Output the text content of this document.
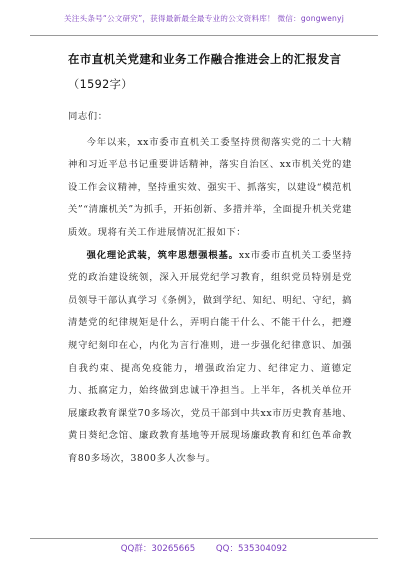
关注头条号“公文研究”，获得最新最全最专业的公文资料库！ 微信：gongwenyj
在市直机关党建和业务工作融合推进会上的汇报发言
（1592字）

同志们：

今年以来，xx市委市直机关工委坚持贯彻落实党的二十大精神和习近平总书记重要讲话精神，落实自治区、xx市机关党的建设工作会议精神，坚持重实效、强实干、抓落实，以建设“模范机关”“清廉机关”为抓手，开拓创新、多措并举，全面提升机关党建质效。现将有关工作进展情况汇报如下：

强化理论武装，筑牢思想强根基。xx市委市直机关工委坚持党的政治建设统领，深入开展党纪学习教育，组织党员特别是党员领导干部认真学习《条例》，做到学纪、知纪、明纪、守纪，搞清楚党的纪律规矩是什么，弄明白能干什么、不能干什么，把遵规守纪刻印在心，内化为言行准则，进一步强化纪律意识、加强自我约束、提高免疫能力，增强政治定力、纪律定力、道德定力、抵腐定力，始终做到忠诚干净担当。上半年，各机关单位开展廉政教育课堂70多场次，党员干部到中共xx市历史教育基地、黄日葵纪念馆、廉政教育基地等开展现场廉政教育和红色革命教育80多场次，3800多人次参与。

QQ群：30265665 QQ：535304092
